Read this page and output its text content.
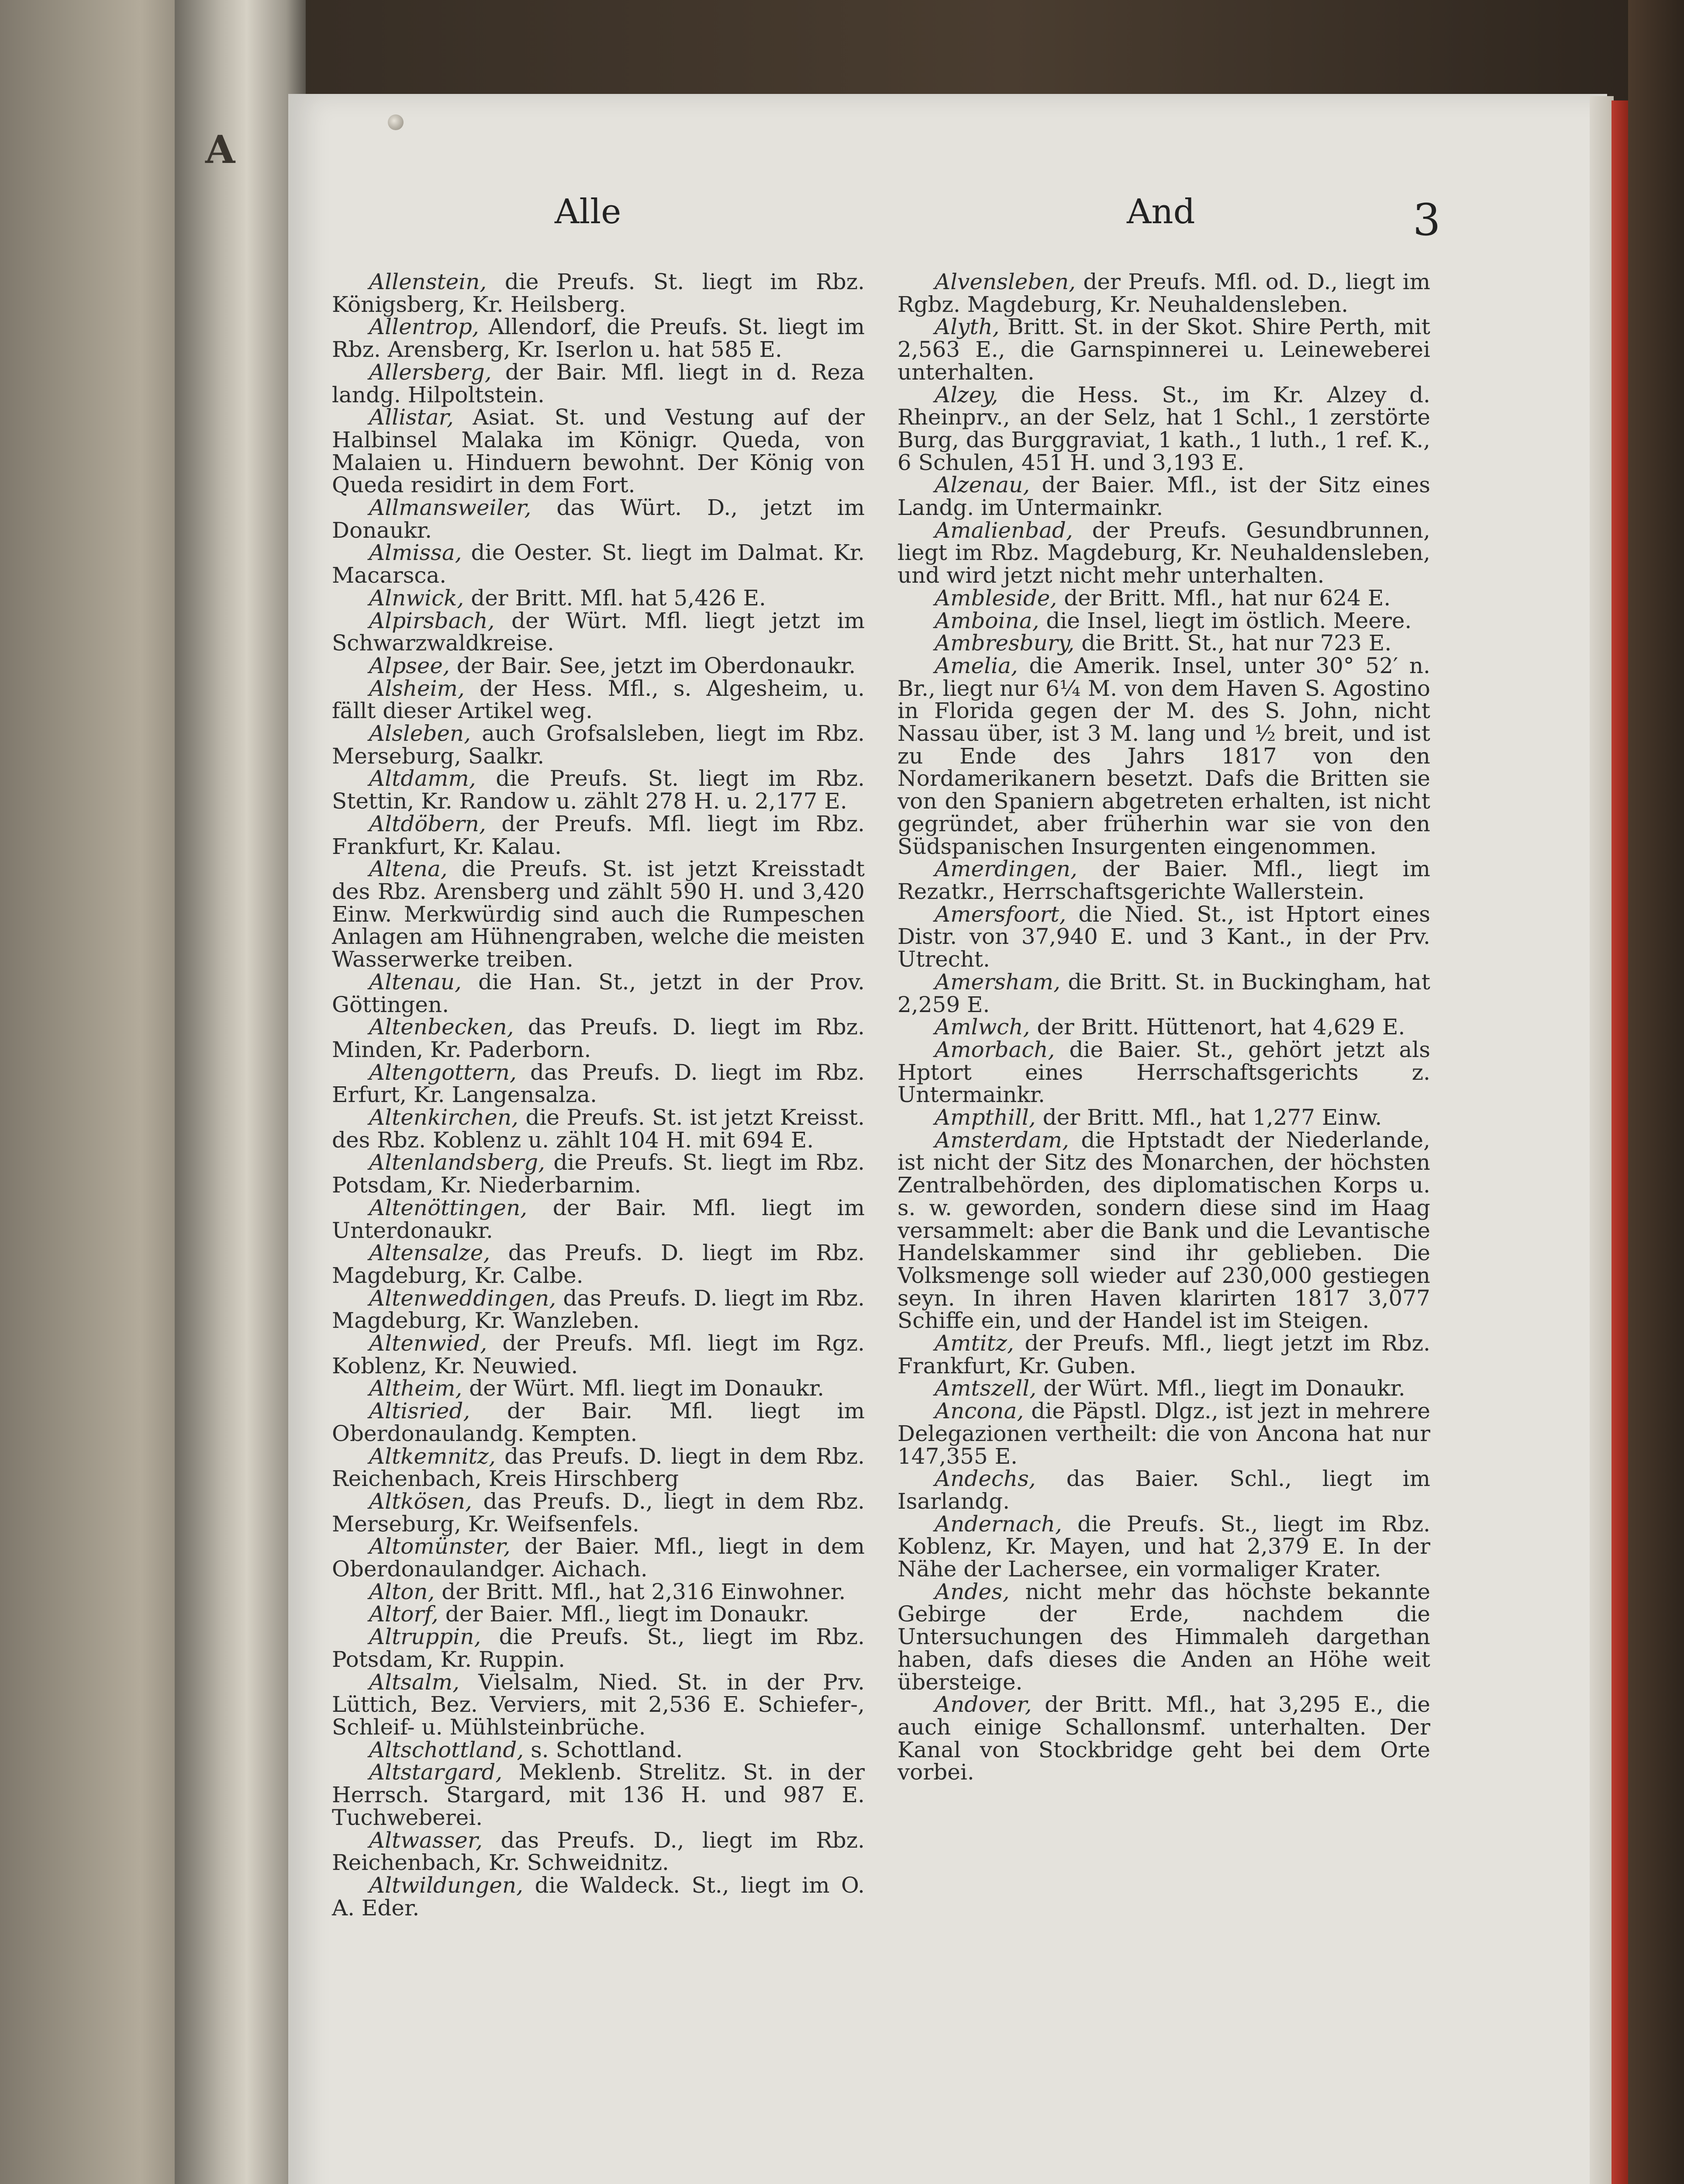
A
Alle	And	3

Allenstein, die Preufs. St. liegt im Rbz. Königsberg, Kr. Heilsberg.

Allentrop, Allendorf, die Preufs. St. liegt im Rbz. Arensberg, Kr. Iserlon u. hat 585 E.

Allersberg, der Bair. Mfl. liegt in d. Reza landg. Hilpoltstein.

Allistar, Asiat. St. und Vestung auf der Halbinsel Malaka im Königr. Queda, von Malaien u. Hinduern bewohnt. Der König von Queda residirt in dem Fort.

Allmansweiler, das Würt. D., jetzt im Donaukr.

Almissa, die Oester. St. liegt im Dalmat. Kr. Macarsca.

Alnwick, der Britt. Mfl. hat 5,426 E.

Alpirsbach, der Würt. Mfl. liegt jetzt im Schwarzwaldkreise.

Alpsee, der Bair. See, jetzt im Oberdonaukr.

Alsheim, der Hess. Mfl., s. Algesheim, u. fällt dieser Artikel weg.

Alsleben, auch Grofsalsleben, liegt im Rbz. Merseburg, Saalkr.

Altdamm, die Preufs. St. liegt im Rbz. Stettin, Kr. Randow u. zählt 278 H. u. 2,177 E.

Altdöbern, der Preufs. Mfl. liegt im Rbz. Frankfurt, Kr. Kalau.

Altena, die Preufs. St. ist jetzt Kreisstadt des Rbz. Arensberg und zählt 590 H. und 3,420 Einw. Merkwürdig sind auch die Rumpeschen Anlagen am Hühnengraben, welche die meisten Wasserwerke treiben.

Altenau, die Han. St., jetzt in der Prov. Göttingen.

Altenbecken, das Preufs. D. liegt im Rbz. Minden, Kr. Paderborn.

Altengottern, das Preufs. D. liegt im Rbz. Erfurt, Kr. Langensalza.

Altenkirchen, die Preufs. St. ist jetzt Kreisst. des Rbz. Koblenz u. zählt 104 H. mit 694 E.

Altenlandsberg, die Preufs. St. liegt im Rbz. Potsdam, Kr. Niederbarnim.

Altenöttingen, der Bair. Mfl. liegt im Unterdonaukr.

Altensalze, das Preufs. D. liegt im Rbz. Magdeburg, Kr. Calbe.

Altenweddingen, das Preufs. D. liegt im Rbz. Magdeburg, Kr. Wanzleben.

Altenwied, der Preufs. Mfl. liegt im Rgz. Koblenz, Kr. Neuwied.

Altheim, der Würt. Mfl. liegt im Donaukr.

Altisried, der Bair. Mfl. liegt im Oberdonaulandg. Kempten.

Altkemnitz, das Preufs. D. liegt in dem Rbz. Reichenbach, Kreis Hirschberg

Altkösen, das Preufs. D., liegt in dem Rbz. Merseburg, Kr. Weifsenfels.

Altomünster, der Baier. Mfl., liegt in dem Oberdonaulandger. Aichach.

Alton, der Britt. Mfl., hat 2,316 Einwohner.

Altorf, der Baier. Mfl., liegt im Donaukr.

Altruppin, die Preufs. St., liegt im Rbz. Potsdam, Kr. Ruppin.

Altsalm, Vielsalm, Nied. St. in der Prv. Lüttich, Bez. Verviers, mit 2,536 E. Schiefer-, Schleif- u. Mühlsteinbrüche.

Altschottland, s. Schottland.

Altstargard, Meklenb. Strelitz. St. in der Herrsch. Stargard, mit 136 H. und 987 E. Tuchweberei.

Altwasser, das Preufs. D., liegt im Rbz. Reichenbach, Kr. Schweidnitz.

Altwildungen, die Waldeck. St., liegt im O. A. Eder.

Alvensleben, der Preufs. Mfl. od. D., liegt im Rgbz. Magdeburg, Kr. Neuhaldensleben.

Alyth, Britt. St. in der Skot. Shire Perth, mit 2,563 E., die Garnspinnerei u. Leineweberei unterhalten.

Alzey, die Hess. St., im Kr. Alzey d. Rheinprv., an der Selz, hat 1 Schl., 1 zerstörte Burg, das Burggraviat, 1 kath., 1 luth., 1 ref. K., 6 Schulen, 451 H. und 3,193 E.

Alzenau, der Baier. Mfl., ist der Sitz eines Landg. im Untermainkr.

Amalienbad, der Preufs. Gesundbrunnen, liegt im Rbz. Magdeburg, Kr. Neuhaldensleben, und wird jetzt nicht mehr unterhalten.

Ambleside, der Britt. Mfl., hat nur 624 E.

Amboina, die Insel, liegt im östlich. Meere.

Ambresbury, die Britt. St., hat nur 723 E.

Amelia, die Amerik. Insel, unter 30° 52′ n. Br., liegt nur 6¼ M. von dem Haven S. Agostino in Florida gegen der M. des S. John, nicht Nassau über, ist 3 M. lang und ½ breit, und ist zu Ende des Jahrs 1817 von den Nordamerikanern besetzt. Dafs die Britten sie von den Spaniern abgetreten erhalten, ist nicht gegründet, aber früherhin war sie von den Südspanischen Insurgenten eingenommen.

Amerdingen, der Baier. Mfl., liegt im Rezatkr., Herrschaftsgerichte Wallerstein.

Amersfoort, die Nied. St., ist Hptort eines Distr. von 37,940 E. und 3 Kant., in der Prv. Utrecht.

Amersham, die Britt. St. in Buckingham, hat 2,259 E.

Amlwch, der Britt. Hüttenort, hat 4,629 E.

Amorbach, die Baier. St., gehört jetzt als Hptort eines Herrschaftsgerichts z. Untermainkr.

Ampthill, der Britt. Mfl., hat 1,277 Einw.

Amsterdam, die Hptstadt der Niederlande, ist nicht der Sitz des Monarchen, der höchsten Zentralbehörden, des diplomatischen Korps u. s. w. geworden, sondern diese sind im Haag versammelt: aber die Bank und die Levantische Handelskammer sind ihr geblieben. Die Volksmenge soll wieder auf 230,000 gestiegen seyn. In ihren Haven klarirten 1817 3,077 Schiffe ein, und der Handel ist im Steigen.

Amtitz, der Preufs. Mfl., liegt jetzt im Rbz. Frankfurt, Kr. Guben.

Amtszell, der Würt. Mfl., liegt im Donaukr.

Ancona, die Päpstl. Dlgz., ist jezt in mehrere Delegazionen vertheilt: die von Ancona hat nur 147,355 E.

Andechs, das Baier. Schl., liegt im Isarlandg.

Andernach, die Preufs. St., liegt im Rbz. Koblenz, Kr. Mayen, und hat 2,379 E. In der Nähe der Lachersee, ein vormaliger Krater.

Andes, nicht mehr das höchste bekannte Gebirge der Erde, nachdem die Untersuchungen des Himmaleh dargethan haben, dafs dieses die Anden an Höhe weit übersteige.

Andover, der Britt. Mfl., hat 3,295 E., die auch einige Schallonsmf. unterhalten. Der Kanal von Stockbridge geht bei dem Orte vorbei.
